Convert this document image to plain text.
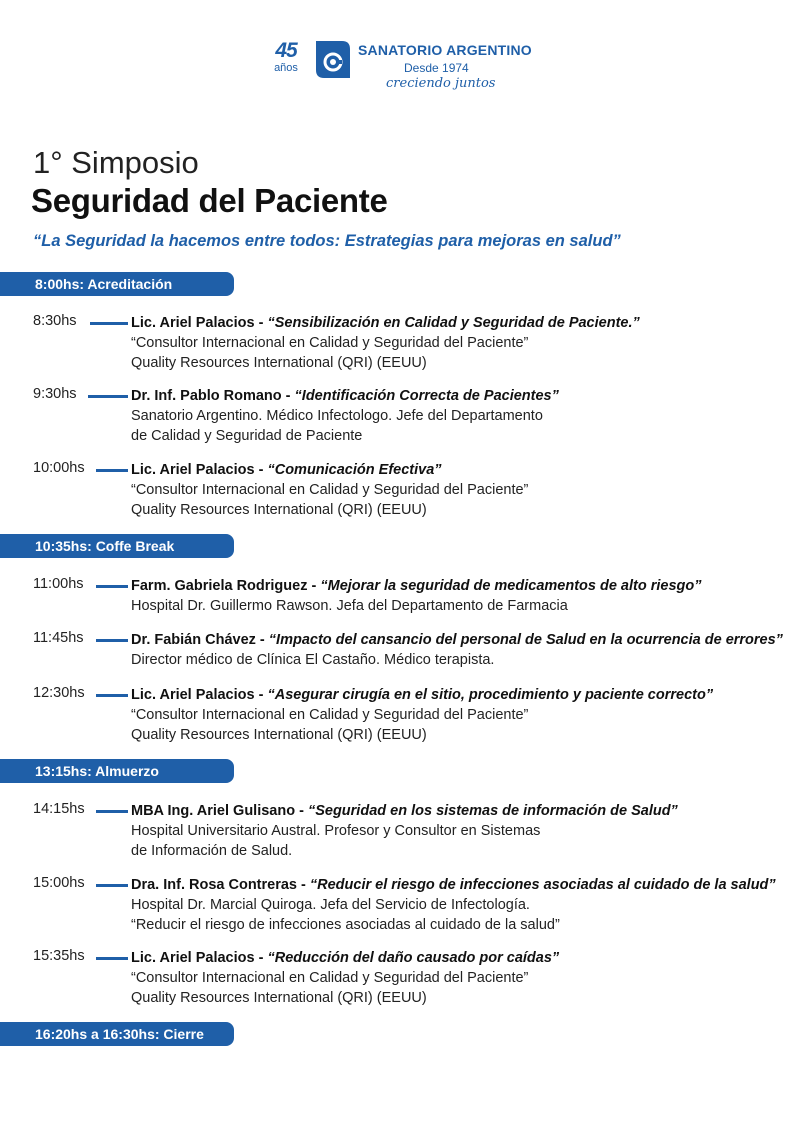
45
años
SANATORIO ARGENTINO
Desde 1974
creciendo juntos
1° Simposio
Seguridad del Paciente
“La Seguridad la hacemos entre todos: Estrategias para mejoras en salud”
8:00hs: Acreditación
10:35hs: Coffe Break
13:15hs: Almuerzo
16:20hs a 16:30hs: Cierre
8:30hs	Lic. Ariel Palacios - “Sensibilización en Calidad y Seguridad de Paciente.”
“Consultor Internacional en Calidad y Seguridad del Paciente”
Quality Resources International (QRI) (EEUU)
9:30hs	Dr. Inf. Pablo Romano - “Identificación Correcta de Pacientes”
Sanatorio Argentino. Médico Infectologo. Jefe del Departamento
de Calidad y Seguridad de Paciente
10:00hs	Lic. Ariel Palacios - “Comunicación Efectiva”
“Consultor Internacional en Calidad y Seguridad del Paciente”
Quality Resources International (QRI) (EEUU)
11:00hs	Farm. Gabriela Rodriguez - “Mejorar la seguridad de medicamentos de alto riesgo”
Hospital Dr. Guillermo Rawson. Jefa del Departamento de Farmacia
11:45hs	Dr. Fabián Chávez - “Impacto del cansancio del personal de Salud en la ocurrencia de errores”
Director médico de Clínica El Castaño. Médico terapista.
12:30hs	Lic. Ariel Palacios - “Asegurar cirugía en el sitio, procedimiento y paciente correcto”
“Consultor Internacional en Calidad y Seguridad del Paciente”
Quality Resources International (QRI) (EEUU)
14:15hs	MBA Ing. Ariel Gulisano - “Seguridad en los sistemas de información de Salud”
Hospital Universitario Austral. Profesor y Consultor en Sistemas
de Información de Salud.
15:00hs	Dra. Inf. Rosa Contreras - “Reducir el riesgo de infecciones asociadas al cuidado de la salud”
Hospital Dr. Marcial Quiroga. Jefa del Servicio de Infectología.
“Reducir el riesgo de infecciones asociadas al cuidado de la salud”
15:35hs	Lic. Ariel Palacios - “Reducción del daño causado por caídas”
“Consultor Internacional en Calidad y Seguridad del Paciente”
Quality Resources International (QRI) (EEUU)
